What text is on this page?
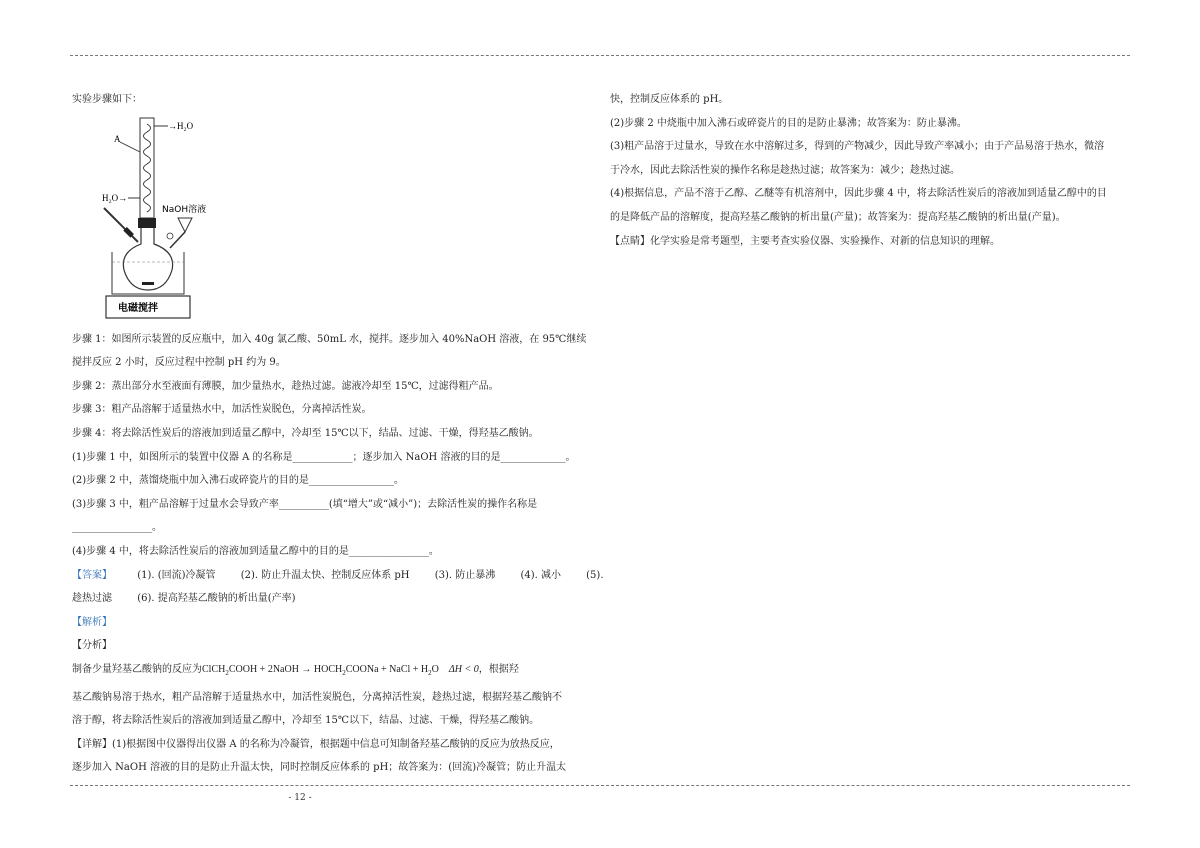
实验步骤如下：

→H₂O
A
H₂O→
NaOH溶液
电磁搅拌

步骤 1：如图所示装置的反应瓶中，加入 40g 氯乙酸、50mL 水，搅拌。逐步加入 40%NaOH 溶液，在 95℃继续

搅拌反应 2 小时，反应过程中控制 pH 约为 9。

步骤 2：蒸出部分水至液面有薄膜，加少量热水，趁热过滤。滤液冷却至 15℃，过滤得粗产品。

步骤 3：粗产品溶解于适量热水中，加活性炭脱色，分离掉活性炭。

步骤 4：将去除活性炭后的溶液加到适量乙醇中，冷却至 15℃以下，结晶、过滤、干燥，得羟基乙酸钠。

(1)步骤 1 中，如图所示的装置中仪器 A 的名称是____________；逐步加入 NaOH 溶液的目的是_____________。

(2)步骤 2 中，蒸馏烧瓶中加入沸石或碎瓷片的目的是_________________。

(3)步骤 3 中，粗产品溶解于过量水会导致产率__________(填“增大”或“减小”)；去除活性炭的操作名称是

________________。

(4)步骤 4 中，将去除活性炭后的溶液加到适量乙醇中的目的是________________。

【答案】	(1). (回流)冷凝管	(2). 防止升温太快、控制反应体系 pH	(3). 防止暴沸	(4). 减小	(5).

趁热过滤	(6). 提高羟基乙酸钠的析出量(产率)

【解析】

【分析】

制备少量羟基乙酸钠的反应为ClCH$_2$COOH + 2NaOH → $HOCH_2COONa$ + NaCl + $H_2O$ ΔH < 0，根据羟

基乙酸钠易溶于热水，粗产品溶解于适量热水中，加活性炭脱色，分离掉活性炭，趁热过滤，根据羟基乙酸钠不

溶于醇，将去除活性炭后的溶液加到适量乙醇中，冷却至 15℃以下，结晶、过滤、干燥，得羟基乙酸钠。

【详解】(1)根据图中仪器得出仪器 A 的名称为冷凝管，根据题中信息可知制备羟基乙酸钠的反应为放热反应，

逐步加入 NaOH 溶液的目的是防止升温太快，同时控制反应体系的 pH；故答案为：(回流)冷凝管；防止升温太

快，控制反应体系的 pH。

(2)步骤 2 中烧瓶中加入沸石或碎瓷片的目的是防止暴沸；故答案为：防止暴沸。

(3)粗产品溶于过量水，导致在水中溶解过多，得到的产物减少，因此导致产率减小；由于产品易溶于热水，微溶

于冷水，因此去除活性炭的操作名称是趁热过滤；故答案为：减少；趁热过滤。

(4)根据信息，产品不溶于乙醇、乙醚等有机溶剂中，因此步骤 4 中，将去除活性炭后的溶液加到适量乙醇中的目

的是降低产品的溶解度，提高羟基乙酸钠的析出量(产量)；故答案为：提高羟基乙酸钠的析出量(产量)。

【点睛】化学实验是常考题型，主要考查实验仪器、实验操作、对新的信息知识的理解。

- 12 -
